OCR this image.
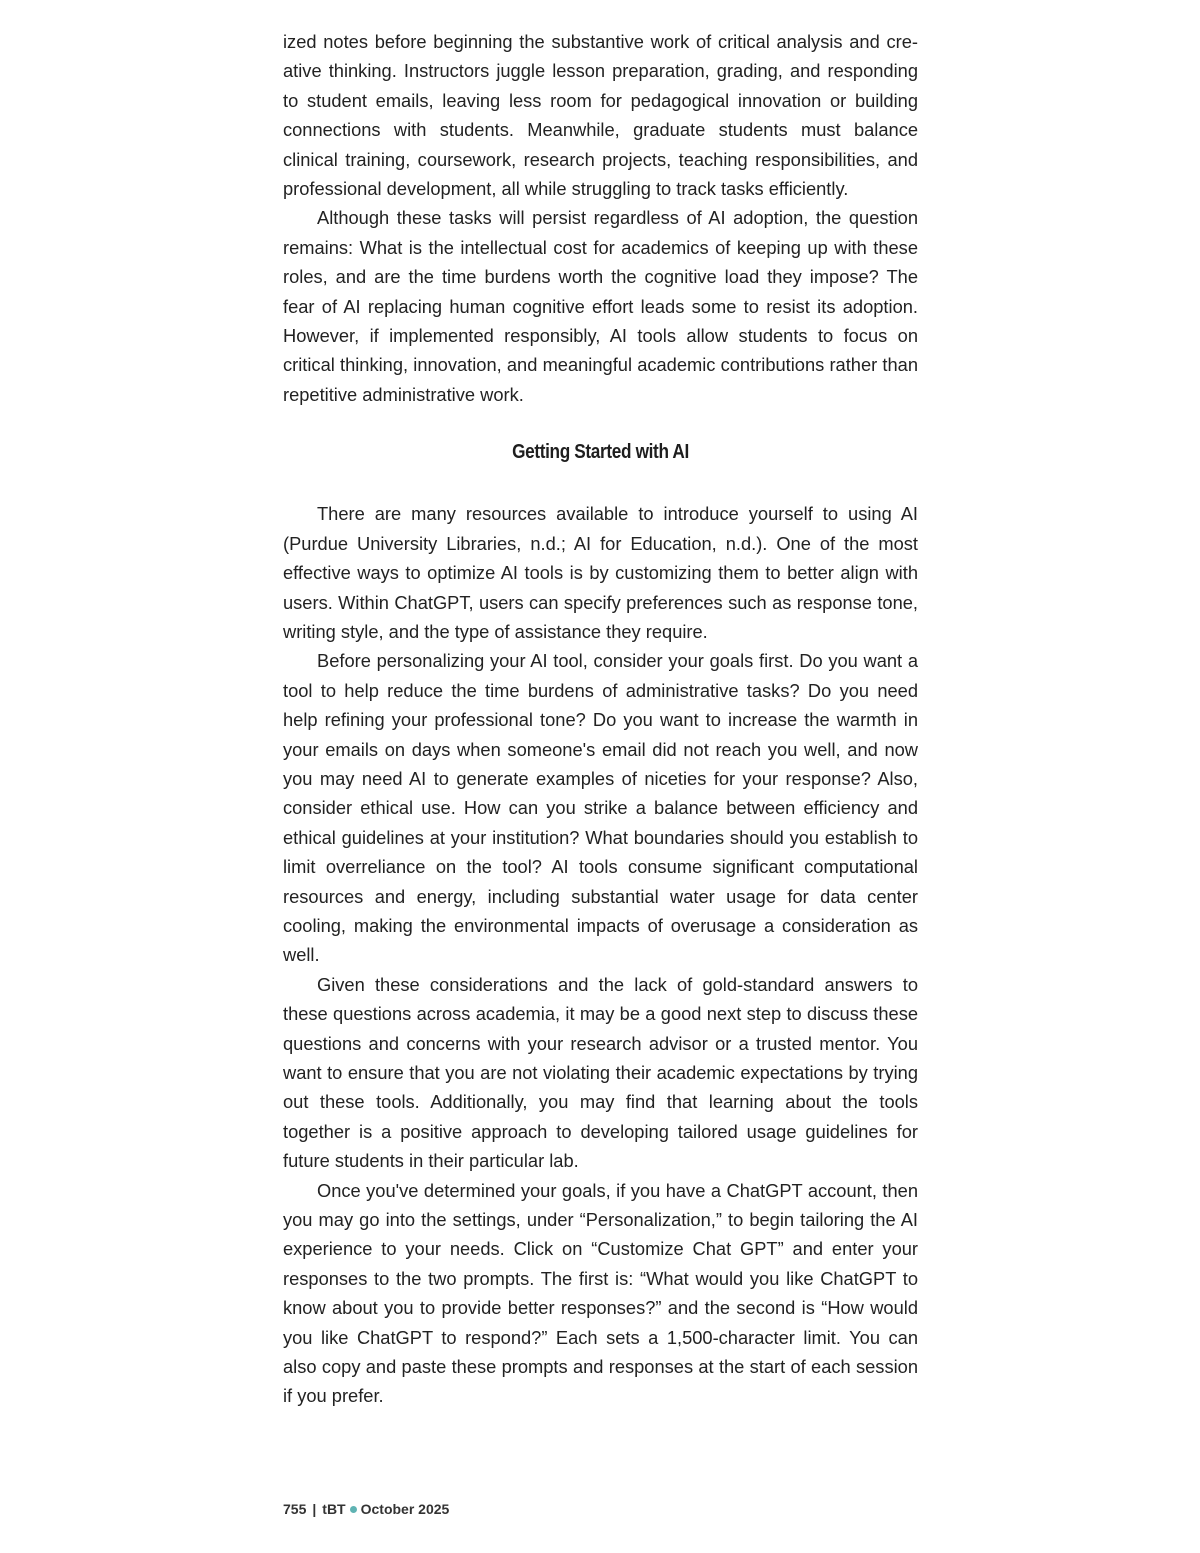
ized notes before beginning the substantive work of critical analysis and creative thinking. Instructors juggle lesson preparation, grading, and responding to student emails, leaving less room for pedagogical innovation or building connections with students. Meanwhile, graduate students must balance clinical training, coursework, research projects, teaching responsibilities, and professional development, all while struggling to track tasks efficiently.

Although these tasks will persist regardless of AI adoption, the question remains: What is the intellectual cost for academics of keeping up with these roles, and are the time burdens worth the cognitive load they impose? The fear of AI replacing human cognitive effort leads some to resist its adoption. However, if implemented responsibly, AI tools allow students to focus on critical thinking, innovation, and meaningful academic contributions rather than repetitive administrative work.

Getting Started with AI

There are many resources available to introduce yourself to using AI (Purdue University Libraries, n.d.; AI for Education, n.d.). One of the most effective ways to optimize AI tools is by customizing them to better align with users. Within ChatGPT, users can specify preferences such as response tone, writing style, and the type of assistance they require.

Before personalizing your AI tool, consider your goals first. Do you want a tool to help reduce the time burdens of administrative tasks? Do you need help refining your professional tone? Do you want to increase the warmth in your emails on days when someone's email did not reach you well, and now you may need AI to generate examples of niceties for your response? Also, consider ethical use. How can you strike a balance between efficiency and ethical guidelines at your institution? What boundaries should you establish to limit overreliance on the tool? AI tools consume significant computational resources and energy, including substantial water usage for data center cooling, making the environmental impacts of overusage a consideration as well.

Given these considerations and the lack of gold-standard answers to these questions across academia, it may be a good next step to discuss these questions and concerns with your research advisor or a trusted mentor. You want to ensure that you are not violating their academic expectations by trying out these tools. Additionally, you may find that learning about the tools together is a positive approach to developing tailored usage guidelines for future students in their particular lab.

Once you've determined your goals, if you have a ChatGPT account, then you may go into the settings, under “Personalization,” to begin tailoring the AI experience to your needs. Click on “Customize Chat GPT” and enter your responses to the two prompts. The first is: “What would you like ChatGPT to know about you to provide better responses?” and the second is “How would you like ChatGPT to respond?” Each sets a 1,500-character limit. You can also copy and paste these prompts and responses at the start of each session if you prefer.

755 | tBT October 2025
